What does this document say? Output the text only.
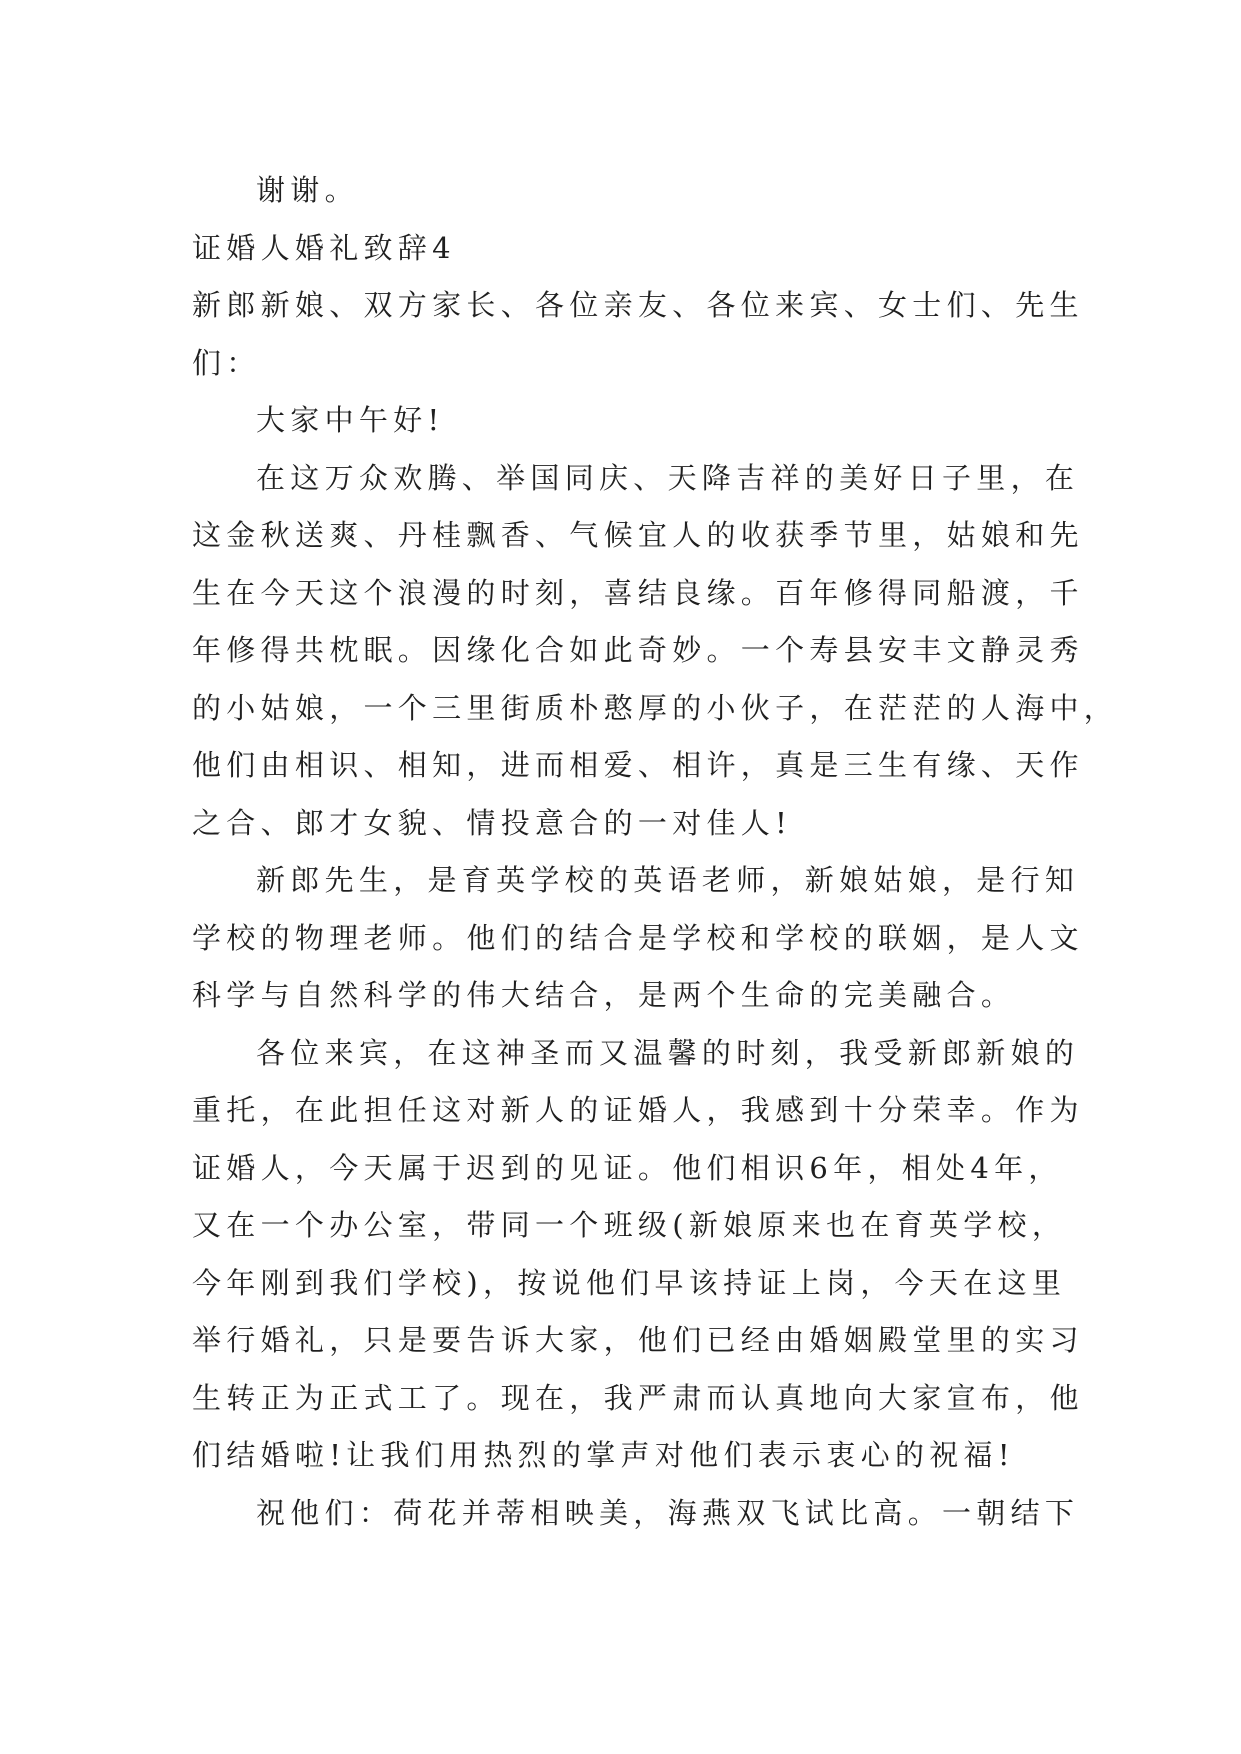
谢谢。
证婚人婚礼致辞4
新郎新娘、双方家长、各位亲友、各位来宾、女士们、先生
们：
大家中午好!
在这万众欢腾、举国同庆、天降吉祥的美好日子里，在
这金秋送爽、丹桂飘香、气候宜人的收获季节里，姑娘和先
生在今天这个浪漫的时刻，喜结良缘。百年修得同船渡，千
年修得共枕眠。因缘化合如此奇妙。一个寿县安丰文静灵秀
的小姑娘，一个三里街质朴憨厚的小伙子，在茫茫的人海中，
他们由相识、相知，进而相爱、相许，真是三生有缘、天作
之合、郎才女貌、情投意合的一对佳人!
新郎先生，是育英学校的英语老师，新娘姑娘，是行知
学校的物理老师。他们的结合是学校和学校的联姻，是人文
科学与自然科学的伟大结合，是两个生命的完美融合。
各位来宾，在这神圣而又温馨的时刻，我受新郎新娘的
重托，在此担任这对新人的证婚人，我感到十分荣幸。作为
证婚人，今天属于迟到的见证。他们相识6年，相处4年，
又在一个办公室，带同一个班级(新娘原来也在育英学校，
今年刚到我们学校)，按说他们早该持证上岗，今天在这里
举行婚礼，只是要告诉大家，他们已经由婚姻殿堂里的实习
生转正为正式工了。现在，我严肃而认真地向大家宣布，他
们结婚啦!让我们用热烈的掌声对他们表示衷心的祝福!
祝他们：荷花并蒂相映美，海燕双飞试比高。一朝结下
